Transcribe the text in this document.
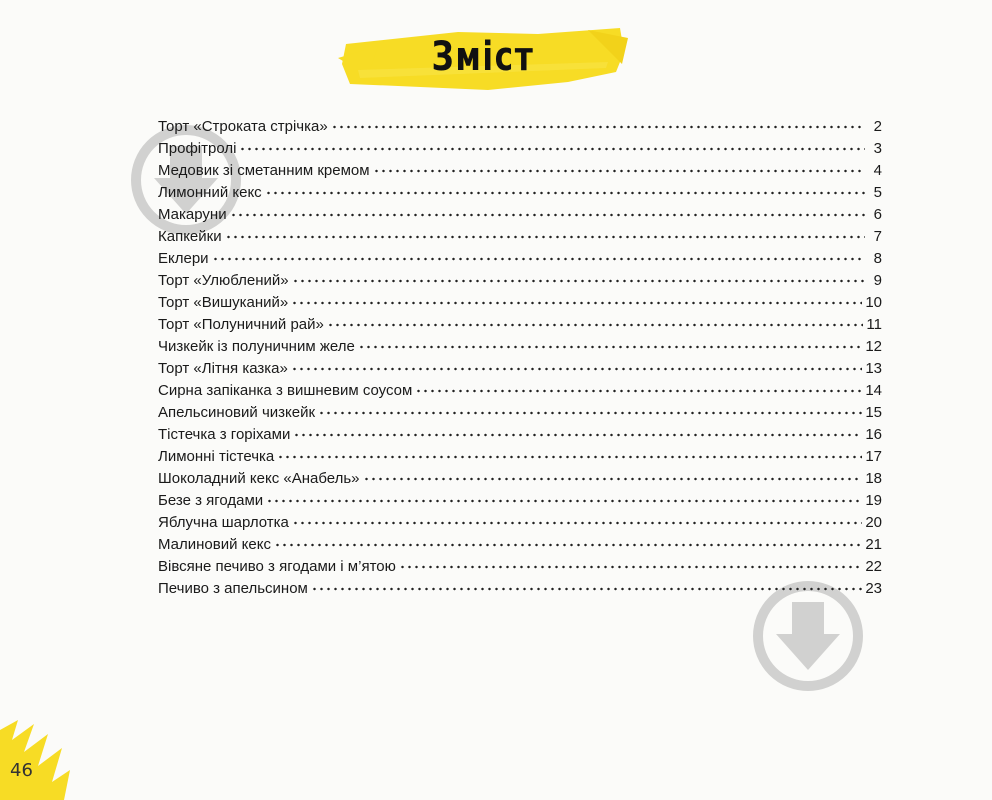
Зміст
Торт «Строката стрічка»	2
Профітролі	3
Медовик зі сметанним кремом	4
Лимонний кекс	5
Макаруни	6
Капкейки	7
Еклери	8
Торт «Улюблений»	9
Торт «Вишуканий»	10
Торт «Полуничний рай»	11
Чизкейк із полуничним желе	12
Торт «Літня казка»	13
Сирна запіканка з вишневим соусом	14
Апельсиновий чизкейк	15
Тістечка з горіхами	16
Лимонні тістечка	17
Шоколадний кекс «Анабель»	18
Безе з ягодами	19
Яблучна шарлотка	20
Малиновий кекс	21
Вівсяне печиво з ягодами і м’ятою	22
Печиво з апельсином	23
46
